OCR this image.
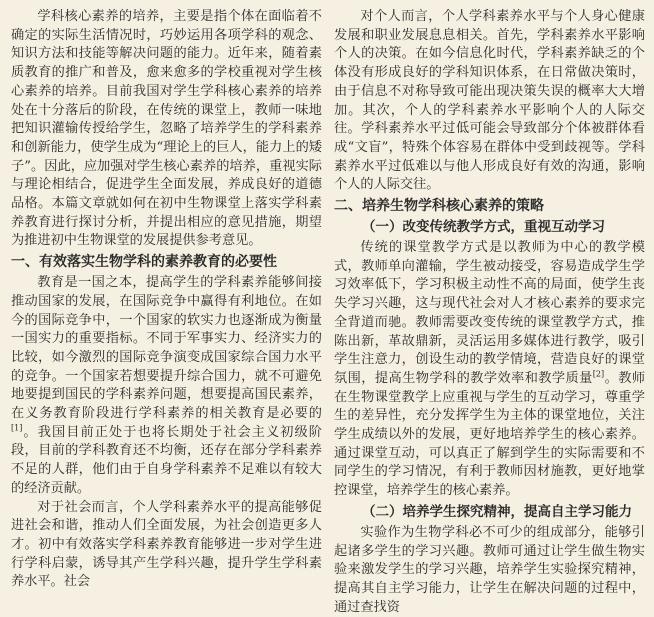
学科核心素养的培养，主要是指个体在面临着不确定的实际生活情况时，巧妙运用各项学科的观念、知识方法和技能等解决问题的能力。近年来，随着素质教育的推广和普及，愈来愈多的学校重视对学生核心素养的培养。目前我国对学生学科核心素养的培养处在十分落后的阶段，在传统的课堂上，教师一味地把知识灌输传授给学生，忽略了培养学生的学科素养和创新能力，使学生成为“理论上的巨人，能力上的矮子”。因此，应加强对学生核心素养的培养，重视实际与理论相结合，促进学生全面发展，养成良好的道德品格。本篇文章就如何在初中生物课堂上落实学科素养教育进行探讨分析，并提出相应的意见措施，期望为推进初中生物课堂的发展提供参考意见。

一、有效落实生物学科的素养教育的必要性

教育是一国之本，提高学生的学科素养能够间接推动国家的发展，在国际竞争中赢得有利地位。在如今的国际竞争中，一个国家的软实力也逐渐成为衡量一国实力的重要指标。不同于军事实力、经济实力的比较，如今激烈的国际竞争演变成国家综合国力水平的竞争。一个国家若想要提升综合国力，就不可避免地要提到国民的学科素养问题，想要提高国民素养，在义务教育阶段进行学科素养的相关教育是必要的[1]。我国目前正处于也将长期处于社会主义初级阶段，目前的学科教育还不均衡，还存在部分学科素养不足的人群，他们由于自身学科素养不足难以有较大的经济贡献。

对于社会而言，个人学科素养水平的提高能够促进社会和谐，推动人们全面发展，为社会创造更多人才。初中有效落实学科素养教育能够进一步对学生进行学科启蒙，诱导其产生学科兴趣，提升学生学科素养水平。社会

对个人而言，个人学科素养水平与个人身心健康发展和职业发展息息相关。首先，学科素养水平影响个人的决策。在如今信息化时代，学科素养缺乏的个体没有形成良好的学科知识体系，在日常做决策时，由于信息不对称导致可能出现决策失误的概率大大增加。其次，个人的学科素养水平影响个人的人际交往。学科素养水平过低可能会导致部分个体被群体看成“文盲”，特殊个体容易在群体中受到歧视等。学科素养水平过低难以与他人形成良好有效的沟通，影响个人的人际交往。

二、培养生物学科核心素养的策略
（一）改变传统教学方式，重视互动学习

传统的课堂教学方式是以教师为中心的教学模式，教师单向灌输，学生被动接受，容易造成学生学习效率低下，学习积极主动性不高的局面，使学生丧失学习兴趣，这与现代社会对人才核心素养的要求完全背道而驰。教师需要改变传统的课堂教学方式，推陈出新，革故鼎新，灵活运用多媒体进行教学，吸引学生注意力，创设生动的教学情境，营造良好的课堂氛围，提高生物学科的教学效率和教学质量[2]。教师在生物课堂教学上应重视与学生的互动学习，尊重学生的差异性，充分发挥学生为主体的课堂地位，关注学生成绩以外的发展，更好地培养学生的核心素养。通过课堂互动，可以真正了解到学生的实际需要和不同学生的学习情况，有利于教师因材施教，更好地掌控课堂，培养学生的核心素养。

（二）培养学生探究精神，提高自主学习能力

实验作为生物学科必不可少的组成部分，能够引起诸多学生的学习兴趣。教师可通过让学生做生物实验来激发学生的学习兴趣，培养学生实验探究精神，提高其自主学习能力，让学生在解决问题的过程中，通过查找资
